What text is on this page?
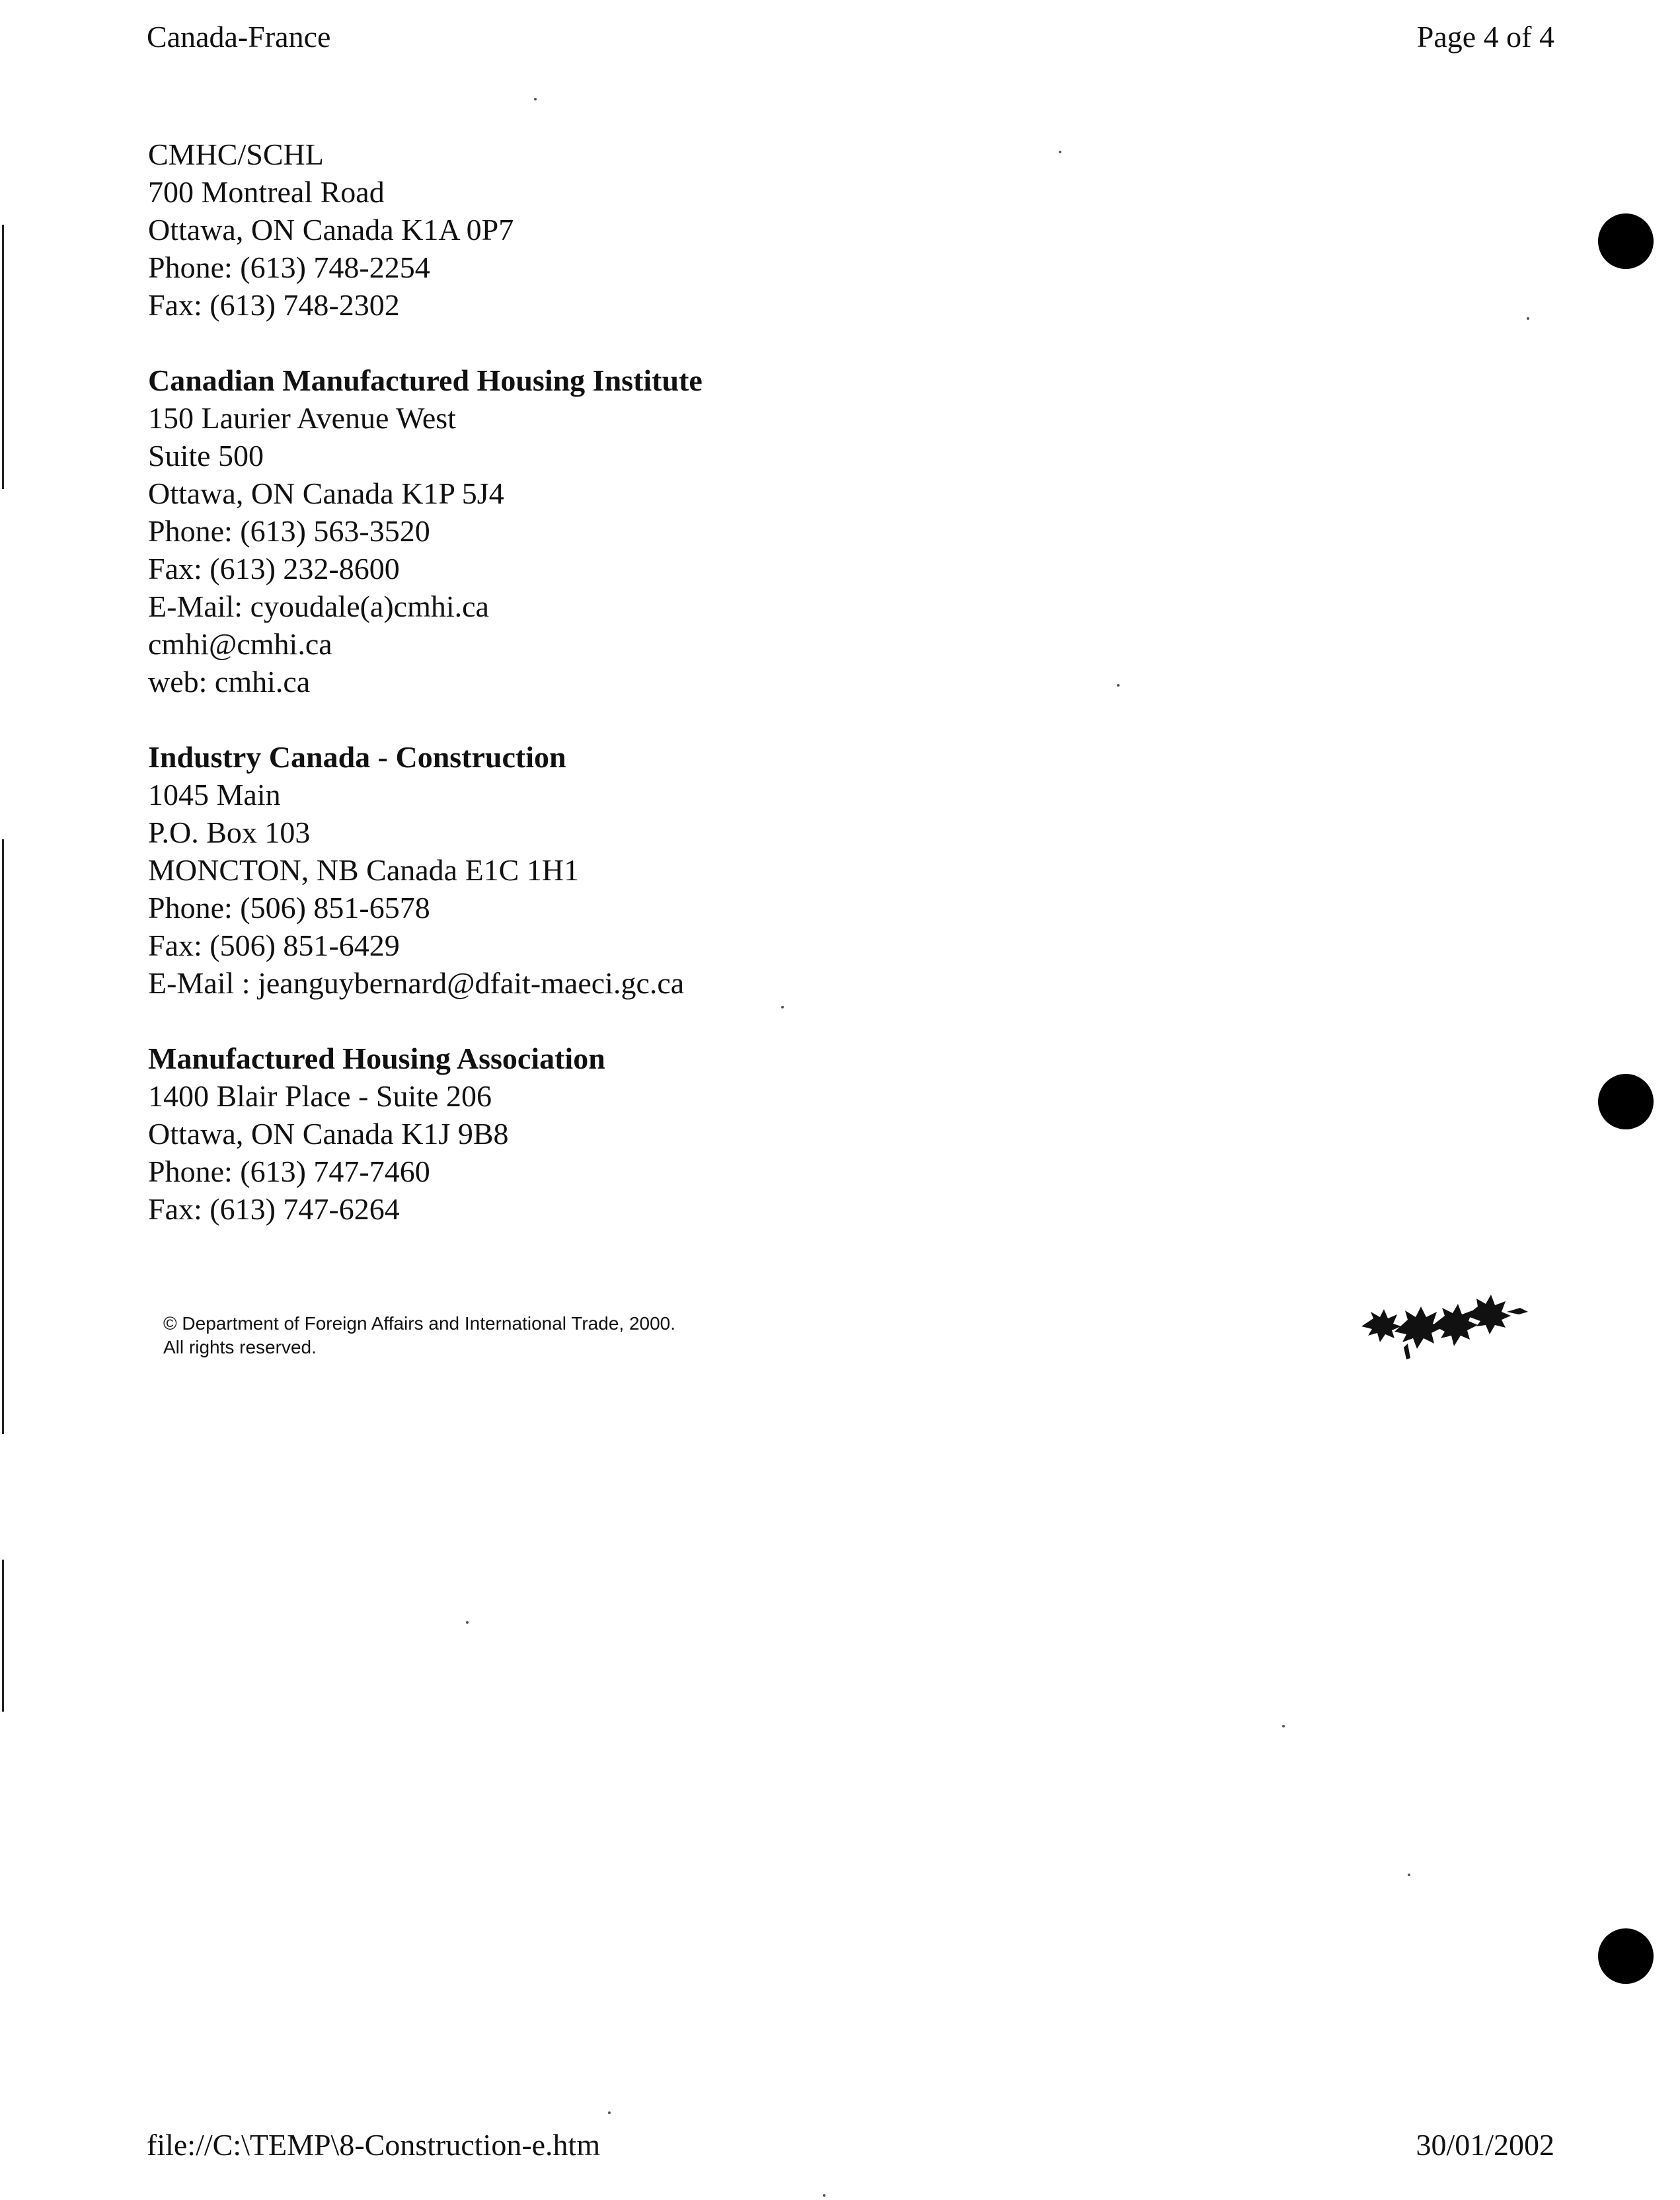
Canada-France	Page 4 of 4
CMHC/SCHL
700 Montreal Road
Ottawa, ON Canada K1A 0P7
Phone: (613) 748-2254
Fax: (613) 748-2302
Canadian Manufactured Housing Institute
150 Laurier Avenue West
Suite 500
Ottawa, ON Canada K1P 5J4
Phone: (613) 563-3520
Fax: (613) 232-8600
E-Mail: cyoudale(a)cmhi.ca
cmhi@cmhi.ca
web: cmhi.ca
Industry Canada - Construction
1045 Main
P.O. Box 103
MONCTON, NB Canada E1C 1H1
Phone: (506) 851-6578
Fax: (506) 851-6429
E-Mail : jeanguybernard@dfait-maeci.gc.ca
Manufactured Housing Association
1400 Blair Place - Suite 206
Ottawa, ON Canada K1J 9B8
Phone: (613) 747-7460
Fax: (613) 747-6264
© Department of Foreign Affairs and International Trade, 2000.
All rights reserved.
file://C:\TEMP\8-Construction-e.htm	30/01/2002
